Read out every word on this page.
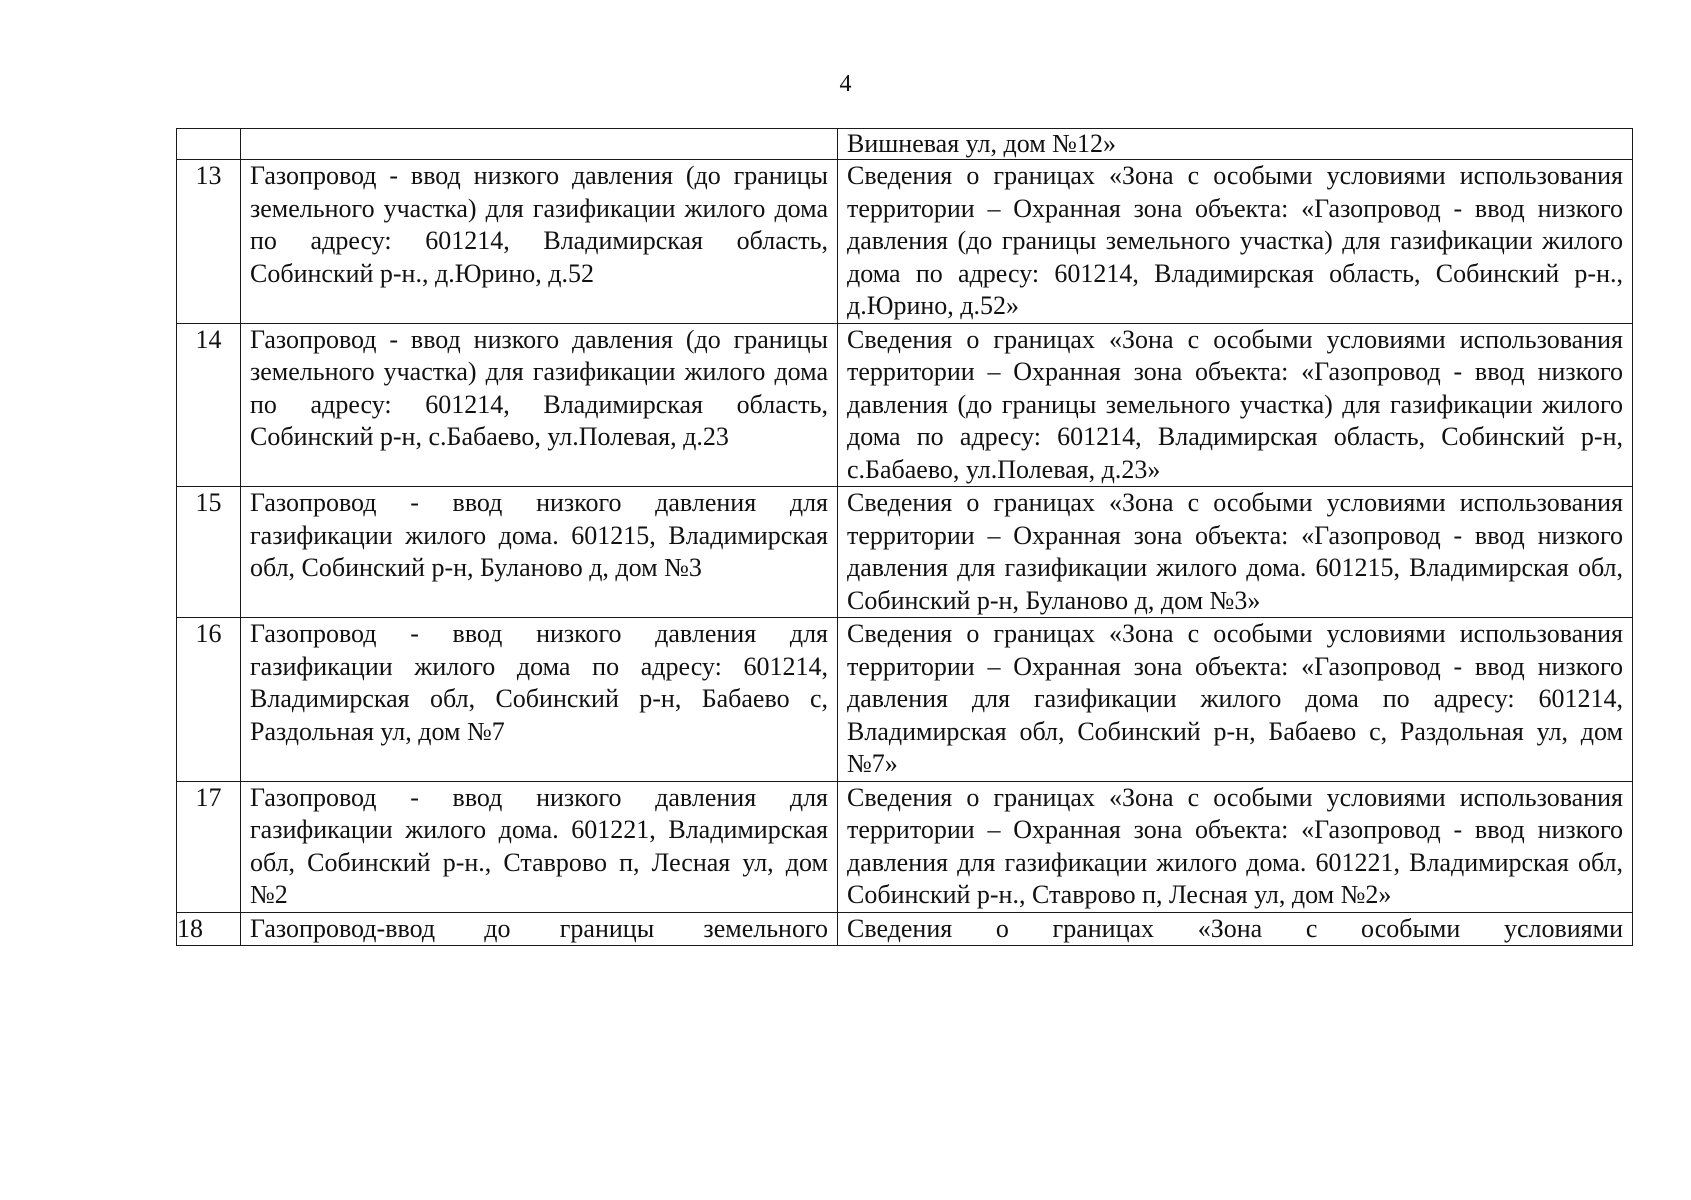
4
		Вишневая ул, дом №12»
13	Газопровод - ввод низкого давления (до границы земельного участка) для газификации жилого дома по адресу: 601214, Владимирская область, Собинский р-н., д.Юрино, д.52	Сведения о границах «Зона с особыми условиями использования территории – Охранная зона объекта: «Газопровод - ввод низкого давления (до границы земельного участка) для газификации жилого дома по адресу: 601214, Владимирская область, Собинский р-н., д.Юрино, д.52»
14	Газопровод - ввод низкого давления (до границы земельного участка) для газификации жилого дома по адресу: 601214, Владимирская область, Собинский р-н, с.Бабаево, ул.Полевая, д.23	Сведения о границах «Зона с особыми условиями использования территории – Охранная зона объекта: «Газопровод - ввод низкого давления (до границы земельного участка) для газификации жилого дома по адресу: 601214, Владимирская область, Собинский р-н, с.Бабаево, ул.Полевая, д.23»
15	Газопровод - ввод низкого давления для газификации жилого дома. 601215, Владимирская обл, Собинский р-н, Буланово д, дом №3	Сведения о границах «Зона с особыми условиями использования территории – Охранная зона объекта: «Газопровод - ввод низкого давления для газификации жилого дома. 601215, Владимирская обл, Собинский р-н, Буланово д, дом №3»
16	Газопровод - ввод низкого давления для газификации жилого дома по адресу: 601214, Владимирская обл, Собинский р-н, Бабаево с, Раздольная ул, дом №7	Сведения о границах «Зона с особыми условиями использования территории – Охранная зона объекта: «Газопровод - ввод низкого давления для газификации жилого дома по адресу: 601214, Владимирская обл, Собинский р-н, Бабаево с, Раздольная ул, дом №7»
17	Газопровод - ввод низкого давления для газификации жилого дома. 601221, Владимирская обл, Собинский р-н., Ставрово п, Лесная ул, дом №2	Сведения о границах «Зона с особыми условиями использования территории – Охранная зона объекта: «Газопровод - ввод низкого давления для газификации жилого дома. 601221, Владимирская обл, Собинский р-н., Ставрово п, Лесная ул, дом №2»
18	Газопровод-ввод до границы земельного	Сведения о границах «Зона с особыми условиями
